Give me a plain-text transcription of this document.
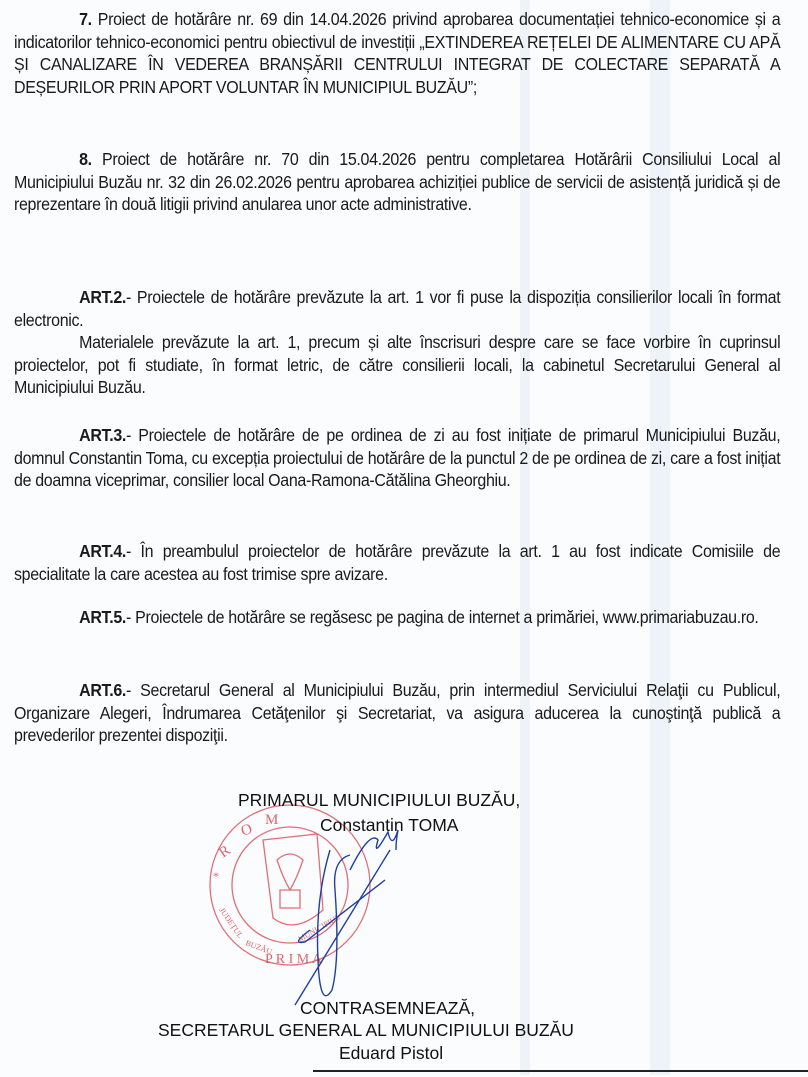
7. Proiect de hotărâre nr. 69 din 14.04.2026 privind aprobarea documentației tehnico-economice și a indicatorilor tehnico-economici pentru obiectivul de investiții „EXTINDEREA REȚELEI DE ALIMENTARE CU APĂ ȘI CANALIZARE ÎN VEDEREA BRANȘĂRII CENTRULUI INTEGRAT DE COLECTARE SEPARATĂ A DEȘEURILOR PRIN APORT VOLUNTAR ÎN MUNICIPIUL BUZĂU”;
8. Proiect de hotărâre nr. 70 din 15.04.2026 pentru completarea Hotărârii Consiliului Local al Municipiului Buzău nr. 32 din 26.02.2026 pentru aprobarea achiziției publice de servicii de asistență juridică și de reprezentare în două litigii privind anularea unor acte administrative.
ART.2.- Proiectele de hotărâre prevăzute la art. 1 vor fi puse la dispoziția consilierilor locali în format electronic.
Materialele prevăzute la art. 1, precum și alte înscrisuri despre care se face vorbire în cuprinsul proiectelor, pot fi studiate, în format letric, de către consilierii locali, la cabinetul Secretarului General al Municipiului Buzău.
ART.3.- Proiectele de hotărâre de pe ordinea de zi au fost inițiate de primarul Municipiului Buzău, domnul Constantin Toma, cu excepția proiectului de hotărâre de la punctul 2 de pe ordinea de zi, care a fost inițiat de doamna viceprimar, consilier local Oana-Ramona-Cătălina Gheorghiu.
ART.4.- În preambulul proiectelor de hotărâre prevăzute la art. 1 au fost indicate Comisiile de specialitate la care acestea au fost trimise spre avizare.
ART.5.- Proiectele de hotărâre se regăsesc pe pagina de internet a primăriei, www.primariabuzau.ro.
ART.6.- Secretarul General al Municipiului Buzău, prin intermediul Serviciului Relaţii cu Publicul, Organizare Alegeri, Îndrumarea Cetăţenilor şi Secretariat, va asigura aducerea la cunoştinţă publică a prevederilor prezentei dispoziţii.
R
O
M
*
P R I M A
JUDEȚUL
BUZĂU
MUNICIPIUL
PRIMARUL MUNICIPIULUI BUZĂU,
Constantin TOMA
CONTRASEMNEAZĂ,
SECRETARUL GENERAL AL MUNICIPIULUI BUZĂU
Eduard Pistol
